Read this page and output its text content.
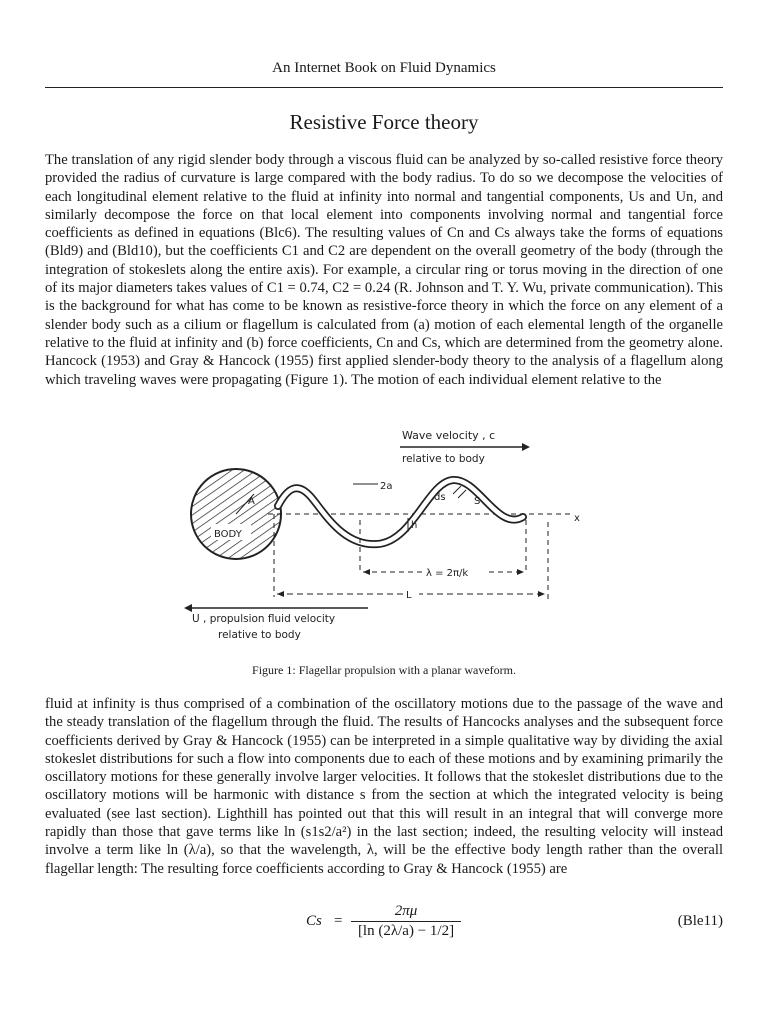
An Internet Book on Fluid Dynamics
Resistive Force theory

The translation of any rigid slender body through a viscous fluid can be analyzed by so-called resistive force theory provided the radius of curvature is large compared with the body radius. To do so we decompose the velocities of each longitudinal element relative to the fluid at infinity into normal and tangential components, Us and Un, and similarly decompose the force on that local element into components involving normal and tangential force coefficients as defined in equations (Blc6). The resulting values of Cn and Cs always take the forms of equations (Bld9) and (Bld10), but the coefficients C1 and C2 are dependent on the overall geometry of the body (through the integration of stokeslets along the entire axis). For example, a circular ring or torus moving in the direction of one of its major diameters takes values of C1 = 0.74, C2 = 0.24 (R. Johnson and T. Y. Wu, private communication). This is the background for what has come to be known as resistive-force theory in which the force on any element of a slender body such as a cilium or flagellum is calculated from (a) motion of each elemental length of the organelle relative to the fluid at infinity and (b) force coefficients, Cn and Cs, which are determined from the geometry alone. Hancock (1953) and Gray & Hancock (1955) first applied slender-body theory to the analysis of a flagellum along which traveling waves were propagating (Figure 1). The motion of each individual element relative to the

Wave velocity , c
relative to body
BODY
A
x
2a
ds	S
h
λ = 2π/k
L
U , propulsion fluid velocity
relative to body
Figure 1: Flagellar propulsion with a planar waveform.

fluid at infinity is thus comprised of a combination of the oscillatory motions due to the passage of the wave and the steady translation of the flagellum through the fluid. The results of Hancocks analyses and the subsequent force coefficients derived by Gray & Hancock (1955) can be interpreted in a simple qualitative way by dividing the axial stokeslet distributions for such a flow into components due to each of these motions and by examining primarily the oscillatory motions for these generally involve larger velocities. It follows that the stokeslet distributions due to the oscillatory motions will be harmonic with distance s from the section at which the integrated velocity is being evaluated (see last section). Lighthill has pointed out that this will result in an integral that will converge more rapidly than those that gave terms like ln (s1s2/a²) in the last section; indeed, the resulting velocity will instead involve a term like ln (λ/a), so that the wavelength, λ, will be the effective body length rather than the overall flagellar length: The resulting force coefficients according to Gray & Hancock (1955) are

Cs =
2πμ
[ln (2λ/a) − 1/2]
(Ble11)
